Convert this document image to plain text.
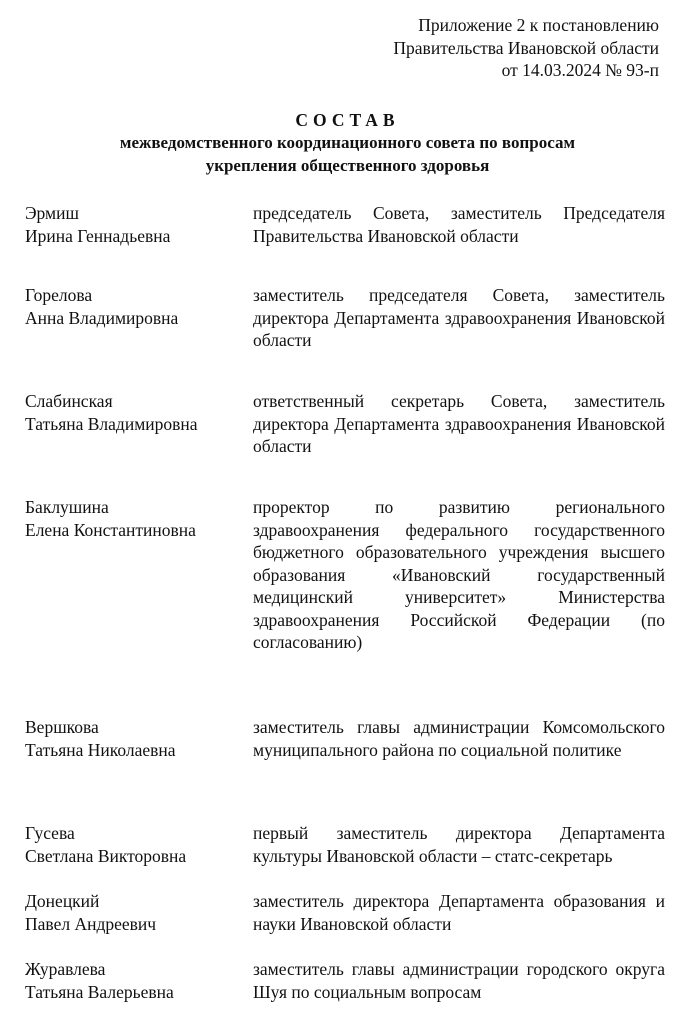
Приложение 2 к постановлению
Правительства Ивановской области
от 14.03.2024 № 93-п
СОСТАВ
межведомственного координационного совета по вопросам
укрепления общественного здоровья
Эрмиш
Ирина Геннадьевна
председатель Совета, заместитель Председателя Правительства Ивановской области
Горелова
Анна Владимировна
заместитель председателя Совета, заместитель директора Департамента здравоохранения Ивановской области
Слабинская
Татьяна Владимировна
ответственный секретарь Совета, заместитель директора Департамента здравоохранения Ивановской области
Баклушина
Елена Константиновна
проректор по развитию регионального здравоохранения федерального государственного бюджетного образовательного учреждения высшего образования «Ивановский государственный медицинский университет» Министерства здравоохранения Российской Федерации (по согласованию)
Вершкова
Татьяна Николаевна
заместитель главы администрации Комсомольского муниципального района по социальной политике
Гусева
Светлана Викторовна
первый заместитель директора Департамента культуры Ивановской области – статс-секретарь
Донецкий
Павел Андреевич
заместитель директора Департамента образования и науки Ивановской области
Журавлева
Татьяна Валерьевна
заместитель главы администрации городского округа Шуя по социальным вопросам
